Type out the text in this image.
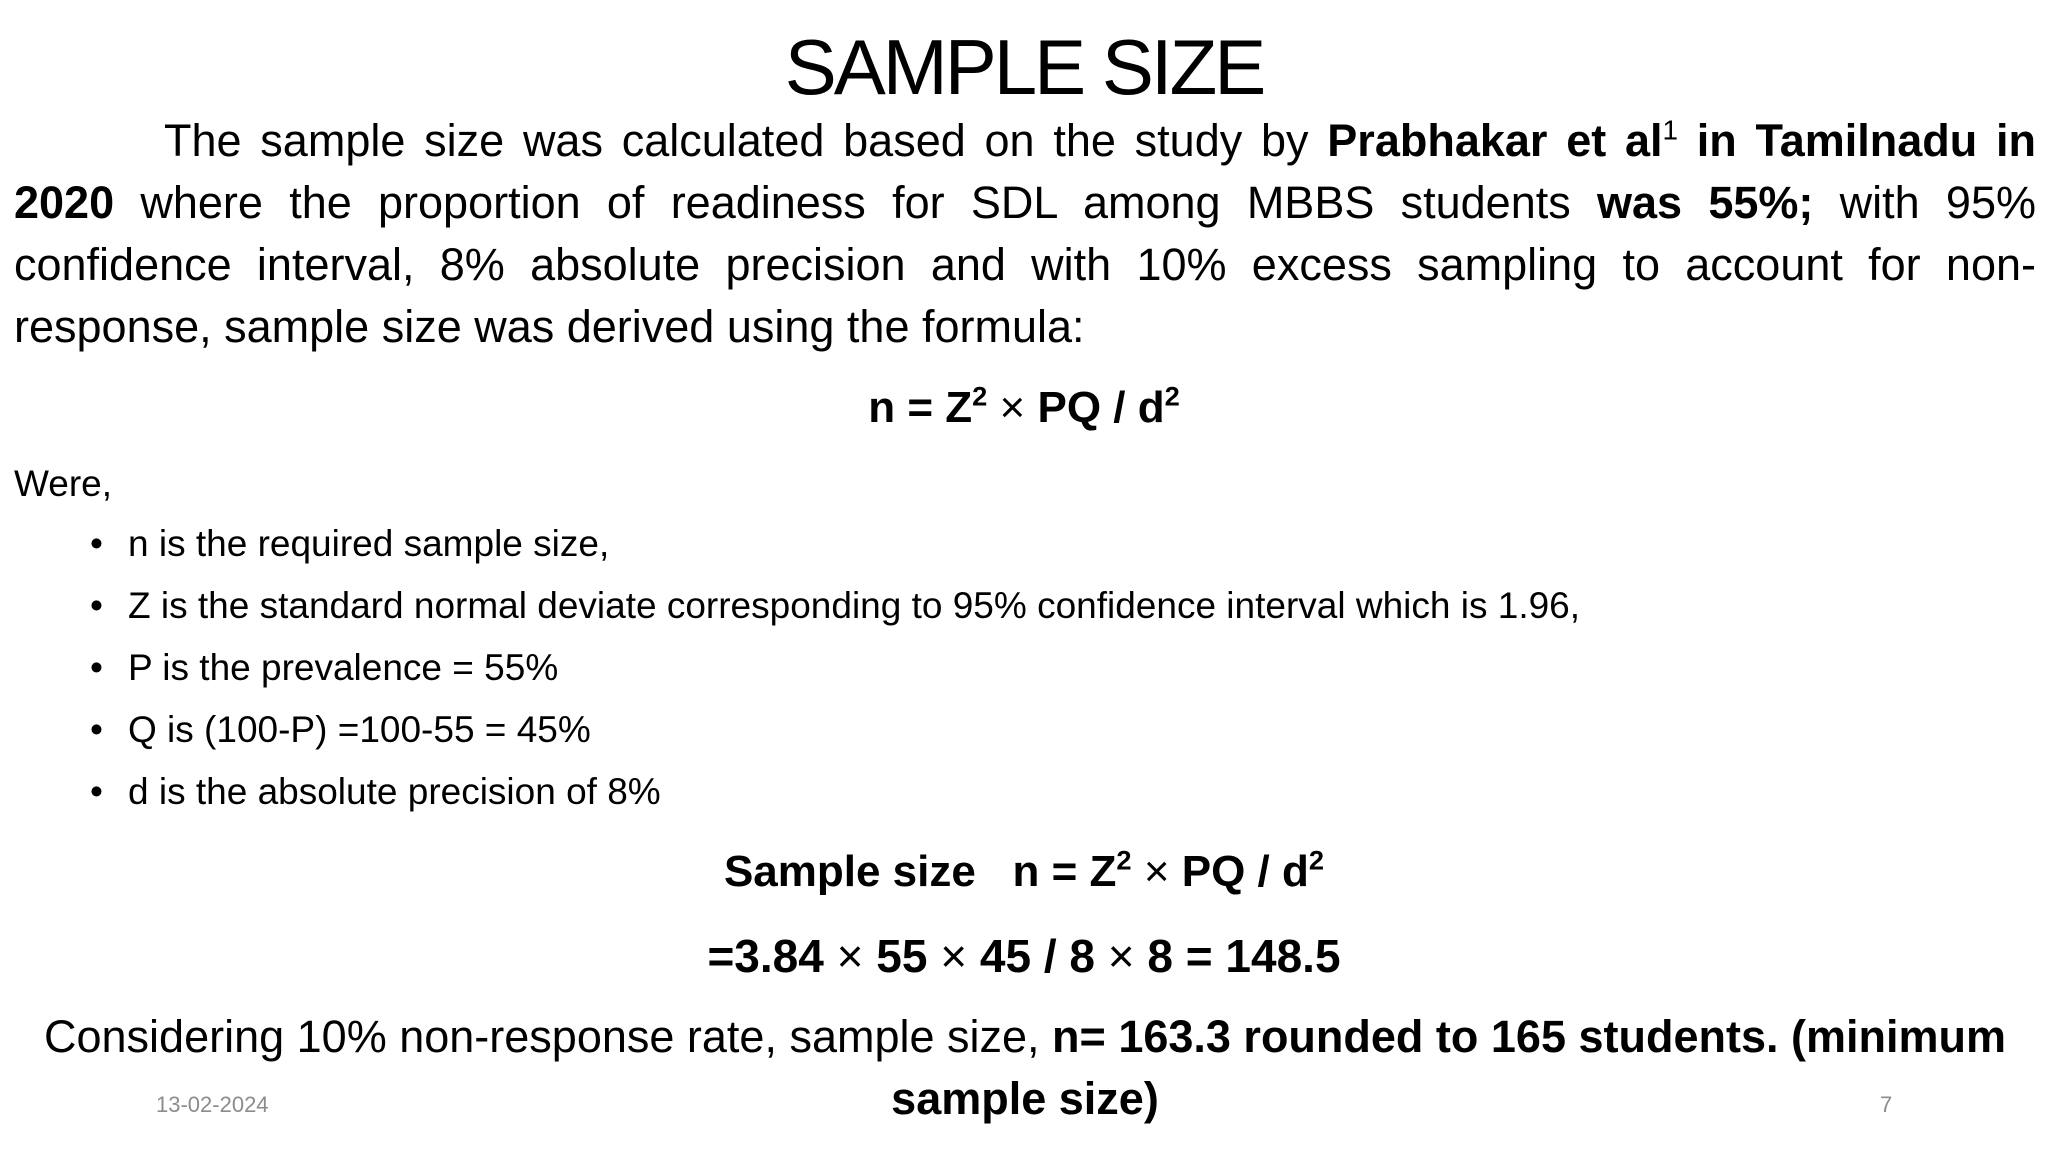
SAMPLE SIZE
The sample size was calculated based on the study by Prabhakar et $al^1$ in Tamilnadu in 2020 where the proportion of readiness for SDL among MBBS students was 55%; with 95% confidence interval, 8% absolute precision and with 10% excess sampling to account for non-response, sample size was derived using the formula:
$n = Z^2$ × PQ / $d^2$
Were,
• n is the required sample size,
• Z is the standard normal deviate corresponding to 95% confidence interval which is 1.96,
• P is the prevalence = 55%
• Q is (100-P) =100-55 = 45%
• d is the absolute precision of 8%
Sample size   $n = Z^2$ × PQ / $d^2$
=3.84 × 55 × 45 / 8 × 8 = 148.5
Considering 10% non-response rate, sample size, n= 163.3 rounded to 165 students. (minimum sample size)
13-02-2024	7
